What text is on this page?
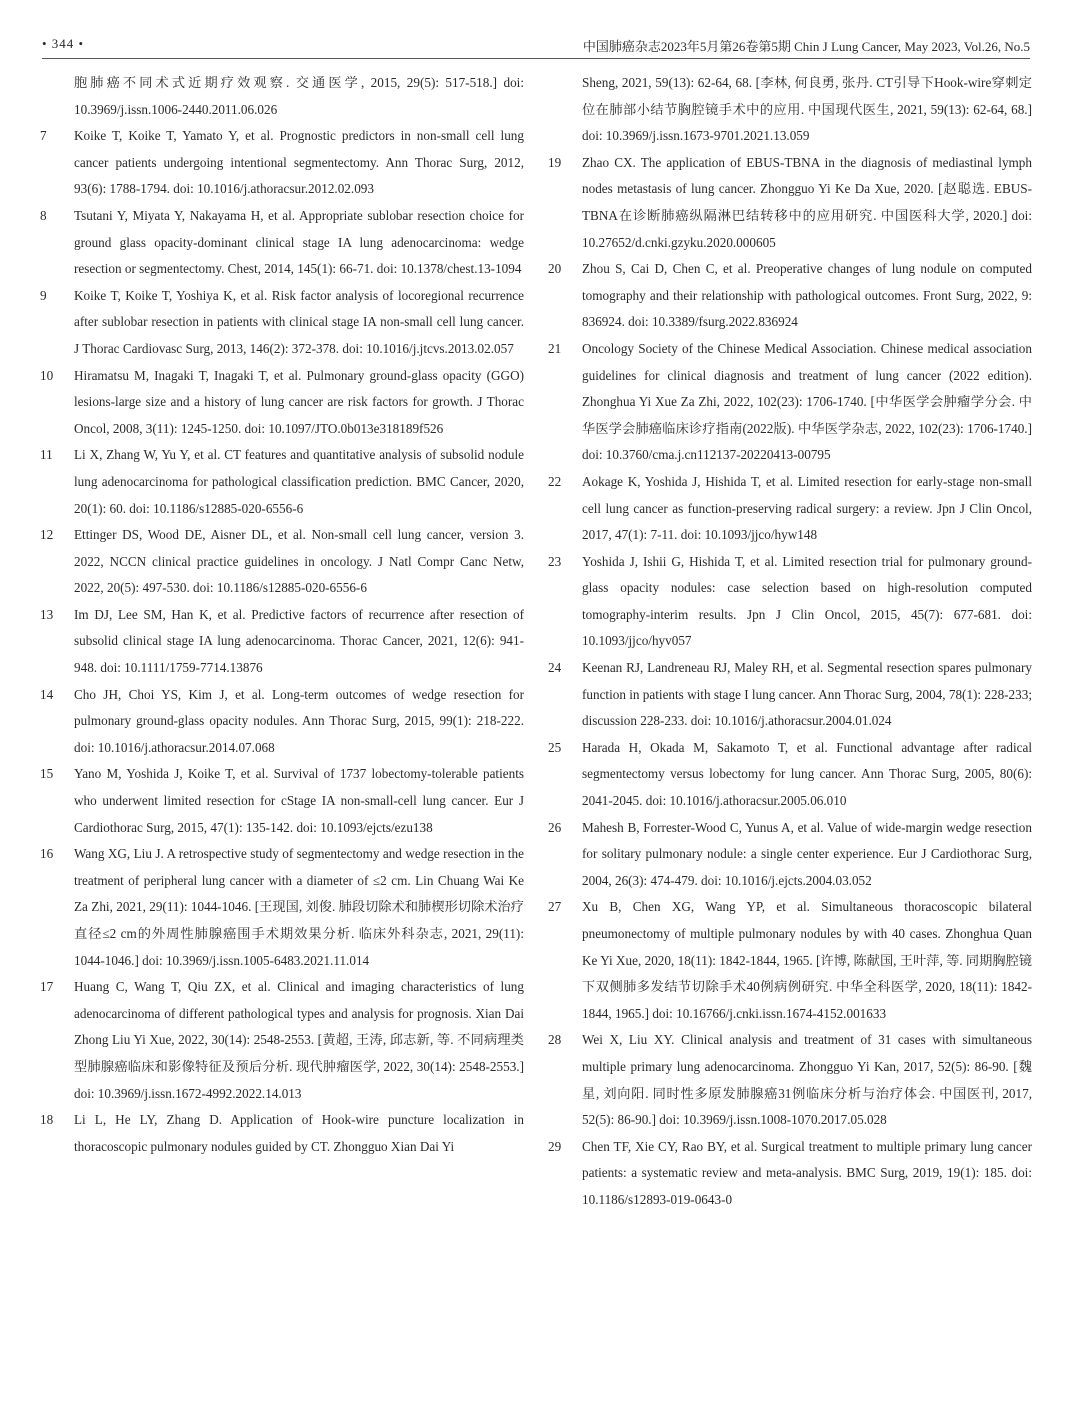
• 344 •	中国肺癌杂志2023年5月第26卷第5期 Chin J Lung Cancer, May 2023, Vol.26, No.5
胞肺癌不同术式近期疗效观察. 交通医学, 2015, 29(5): 517-518.] doi: 10.3969/j.issn.1006-2440.2011.06.026
7	Koike T, Koike T, Yamato Y, et al. Prognostic predictors in non-small cell lung cancer patients undergoing intentional segmentectomy. Ann Thorac Surg, 2012, 93(6): 1788-1794. doi: 10.1016/j.athoracsur.2012.02.093
8	Tsutani Y, Miyata Y, Nakayama H, et al. Appropriate sublobar resection choice for ground glass opacity-dominant clinical stage IA lung adenocarcinoma: wedge resection or segmentectomy. Chest, 2014, 145(1): 66-71. doi: 10.1378/chest.13-1094
9	Koike T, Koike T, Yoshiya K, et al. Risk factor analysis of locoregional recurrence after sublobar resection in patients with clinical stage IA non-small cell lung cancer. J Thorac Cardiovasc Surg, 2013, 146(2): 372-378. doi: 10.1016/j.jtcvs.2013.02.057
10	Hiramatsu M, Inagaki T, Inagaki T, et al. Pulmonary ground-glass opacity (GGO) lesions-large size and a history of lung cancer are risk factors for growth. J Thorac Oncol, 2008, 3(11): 1245-1250. doi: 10.1097/JTO.0b013e318189f526
11	Li X, Zhang W, Yu Y, et al. CT features and quantitative analysis of subsolid nodule lung adenocarcinoma for pathological classification prediction. BMC Cancer, 2020, 20(1): 60. doi: 10.1186/s12885-020-6556-6
12	Ettinger DS, Wood DE, Aisner DL, et al. Non-small cell lung cancer, version 3. 2022, NCCN clinical practice guidelines in oncology. J Natl Compr Canc Netw, 2022, 20(5): 497-530. doi: 10.1186/s12885-020-6556-6
13	Im DJ, Lee SM, Han K, et al. Predictive factors of recurrence after resection of subsolid clinical stage IA lung adenocarcinoma. Thorac Cancer, 2021, 12(6): 941-948. doi: 10.1111/1759-7714.13876
14	Cho JH, Choi YS, Kim J, et al. Long-term outcomes of wedge resection for pulmonary ground-glass opacity nodules. Ann Thorac Surg, 2015, 99(1): 218-222. doi: 10.1016/j.athoracsur.2014.07.068
15	Yano M, Yoshida J, Koike T, et al. Survival of 1737 lobectomy-tolerable patients who underwent limited resection for cStage IA non-small-cell lung cancer. Eur J Cardiothorac Surg, 2015, 47(1): 135-142. doi: 10.1093/ejcts/ezu138
16	Wang XG, Liu J. A retrospective study of segmentectomy and wedge resection in the treatment of peripheral lung cancer with a diameter of ≤2 cm. Lin Chuang Wai Ke Za Zhi, 2021, 29(11): 1044-1046. [王现国, 刘俊. 肺段切除术和肺楔形切除术治疗直径≤2 cm的外周性肺腺癌围手术期效果分析. 临床外科杂志, 2021, 29(11): 1044-1046.] doi: 10.3969/j.issn.1005-6483.2021.11.014
17	Huang C, Wang T, Qiu ZX, et al. Clinical and imaging characteristics of lung adenocarcinoma of different pathological types and analysis for prognosis. Xian Dai Zhong Liu Yi Xue, 2022, 30(14): 2548-2553. [黄超, 王涛, 邱志新, 等. 不同病理类型肺腺癌临床和影像特征及预后分析. 现代肿瘤医学, 2022, 30(14): 2548-2553.] doi: 10.3969/j.issn.1672-4992.2022.14.013
18	Li L, He LY, Zhang D. Application of Hook-wire puncture localization in thoracoscopic pulmonary nodules guided by CT. Zhongguo Xian Dai Yi
Sheng, 2021, 59(13): 62-64, 68. [李林, 何良勇, 张丹. CT引导下Hook-wire穿刺定位在肺部小结节胸腔镜手术中的应用. 中国现代医生, 2021, 59(13): 62-64, 68.] doi: 10.3969/j.issn.1673-9701.2021.13.059
19	Zhao CX. The application of EBUS-TBNA in the diagnosis of mediastinal lymph nodes metastasis of lung cancer. Zhongguo Yi Ke Da Xue, 2020. [赵聪选. EBUS-TBNA在诊断肺癌纵隔淋巴结转移中的应用研究. 中国医科大学, 2020.] doi: 10.27652/d.cnki.gzyku.2020.000605
20	Zhou S, Cai D, Chen C, et al. Preoperative changes of lung nodule on computed tomography and their relationship with pathological outcomes. Front Surg, 2022, 9: 836924. doi: 10.3389/fsurg.2022.836924
21	Oncology Society of the Chinese Medical Association. Chinese medical association guidelines for clinical diagnosis and treatment of lung cancer (2022 edition). Zhonghua Yi Xue Za Zhi, 2022, 102(23): 1706-1740. [中华医学会肿瘤学分会. 中华医学会肺癌临床诊疗指南(2022版). 中华医学杂志, 2022, 102(23): 1706-1740.] doi: 10.3760/cma.j.cn112137-20220413-00795
22	Aokage K, Yoshida J, Hishida T, et al. Limited resection for early-stage non-small cell lung cancer as function-preserving radical surgery: a review. Jpn J Clin Oncol, 2017, 47(1): 7-11. doi: 10.1093/jjco/hyw148
23	Yoshida J, Ishii G, Hishida T, et al. Limited resection trial for pulmonary ground-glass opacity nodules: case selection based on high-resolution computed tomography-interim results. Jpn J Clin Oncol, 2015, 45(7): 677-681. doi: 10.1093/jjco/hyv057
24	Keenan RJ, Landreneau RJ, Maley RH, et al. Segmental resection spares pulmonary function in patients with stage I lung cancer. Ann Thorac Surg, 2004, 78(1): 228-233; discussion 228-233. doi: 10.1016/j.athoracsur.2004.01.024
25	Harada H, Okada M, Sakamoto T, et al. Functional advantage after radical segmentectomy versus lobectomy for lung cancer. Ann Thorac Surg, 2005, 80(6): 2041-2045. doi: 10.1016/j.athoracsur.2005.06.010
26	Mahesh B, Forrester-Wood C, Yunus A, et al. Value of wide-margin wedge resection for solitary pulmonary nodule: a single center experience. Eur J Cardiothorac Surg, 2004, 26(3): 474-479. doi: 10.1016/j.ejcts.2004.03.052
27	Xu B, Chen XG, Wang YP, et al. Simultaneous thoracoscopic bilateral pneumonectomy of multiple pulmonary nodules by with 40 cases. Zhonghua Quan Ke Yi Xue, 2020, 18(11): 1842-1844, 1965. [许博, 陈献国, 王叶萍, 等. 同期胸腔镜下双侧肺多发结节切除手术40例病例研究. 中华全科医学, 2020, 18(11): 1842-1844, 1965.] doi: 10.16766/j.cnki.issn.1674-4152.001633
28	Wei X, Liu XY. Clinical analysis and treatment of 31 cases with simultaneous multiple primary lung adenocarcinoma. Zhongguo Yi Kan, 2017, 52(5): 86-90. [魏星, 刘向阳. 同时性多原发肺腺癌31例临床分析与治疗体会. 中国医刊, 2017, 52(5): 86-90.] doi: 10.3969/j.issn.1008-1070.2017.05.028
29	Chen TF, Xie CY, Rao BY, et al. Surgical treatment to multiple primary lung cancer patients: a systematic review and meta-analysis. BMC Surg, 2019, 19(1): 185. doi: 10.1186/s12893-019-0643-0
